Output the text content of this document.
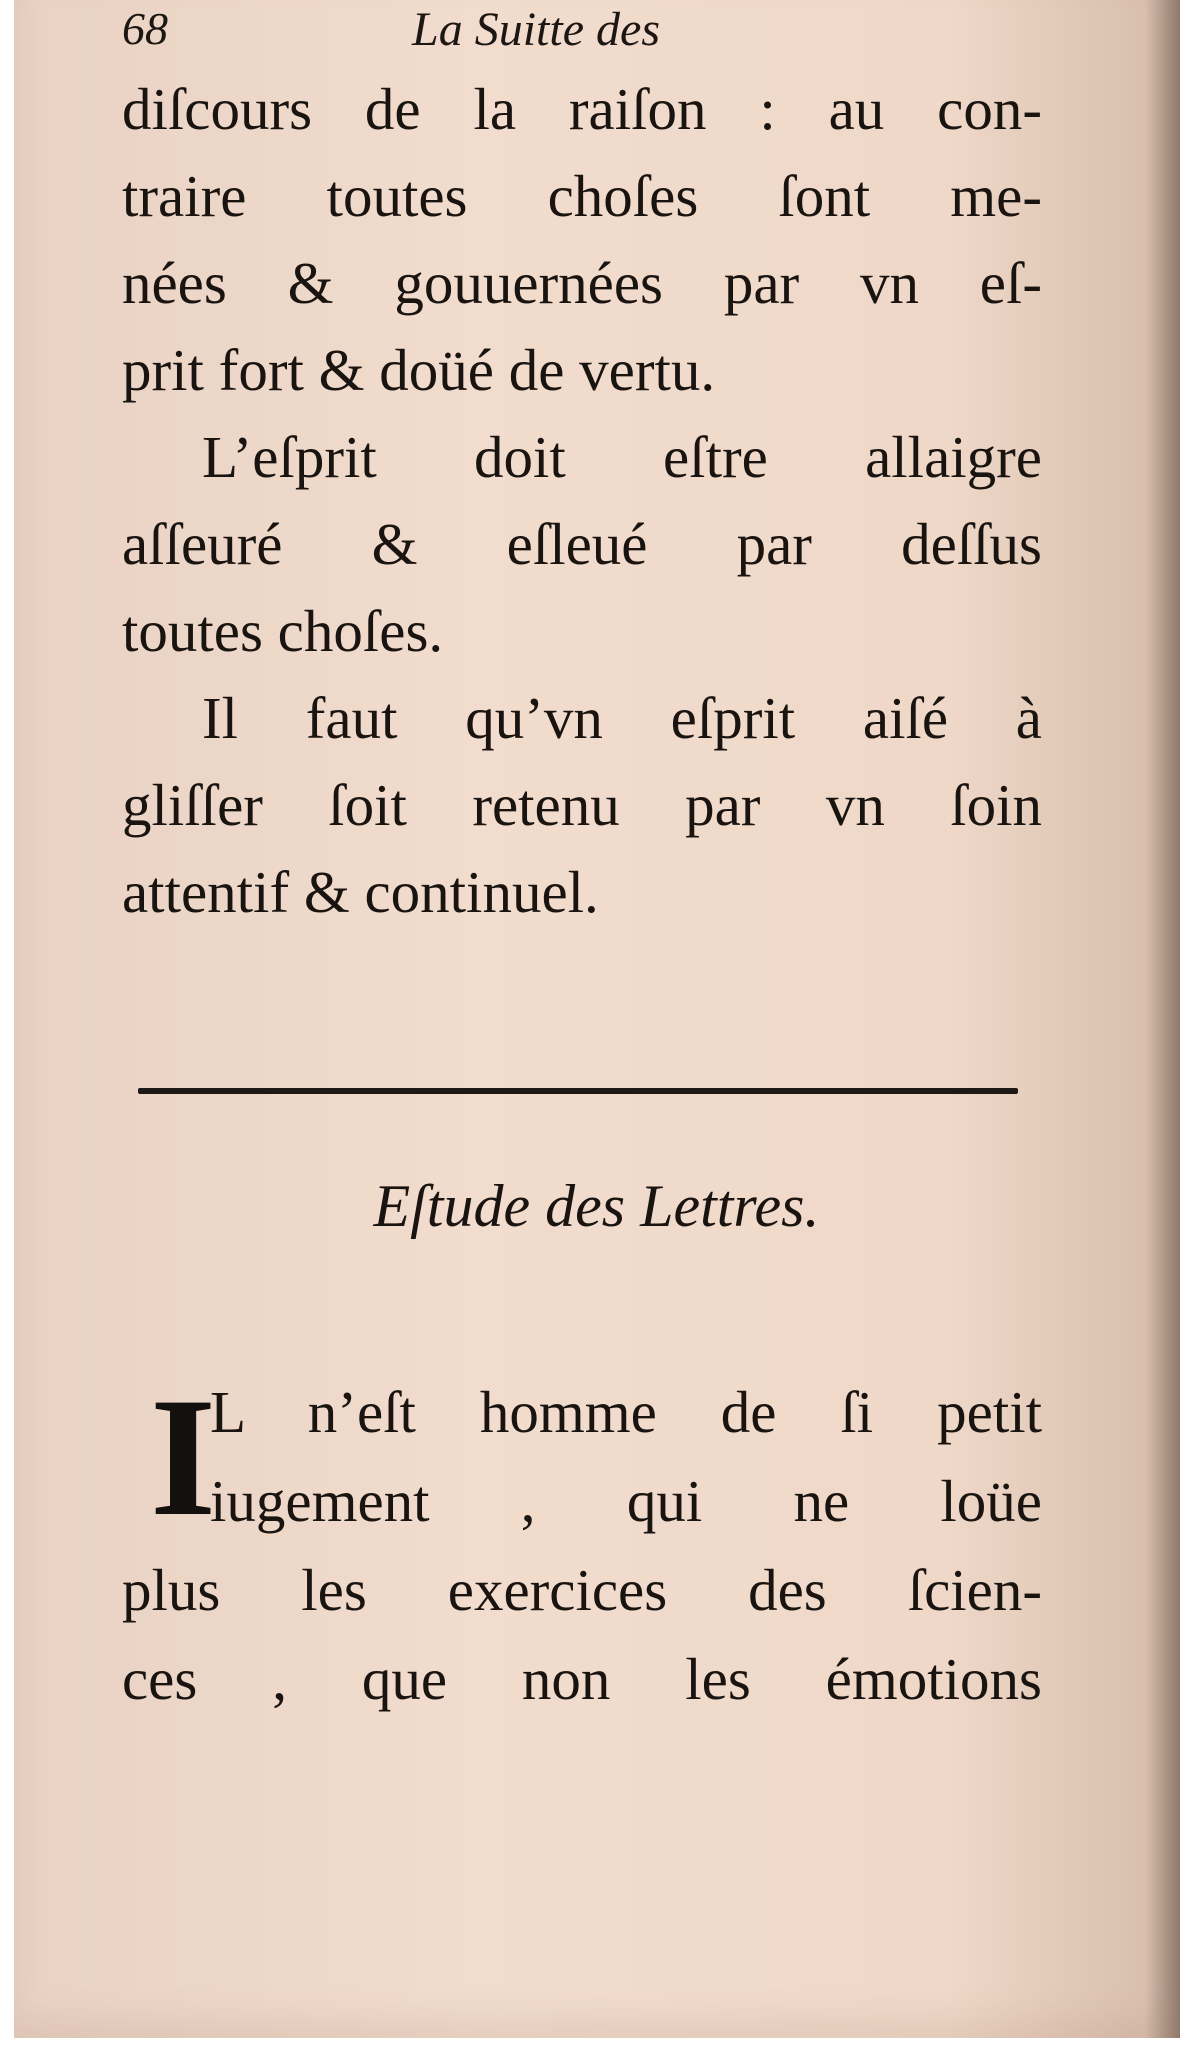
68	La Suitte des
diſcours de la raiſon : au con-
traire toutes choſes ſont me-
nées & gouuernées par vn eſ-
prit fort & doüé de vertu.
L’eſprit doit eſtre allaigre
aſſeuré & eſleué par deſſus
toutes choſes.
Il faut qu’vn eſprit aiſé à
gliſſer ſoit retenu par vn ſoin
attentif & continuel.
Eſtude des Lettres.
I
L n’eſt homme de ſi petit
iugement , qui ne loüe
plus les exercices des ſcien-
ces , que non les émotions
